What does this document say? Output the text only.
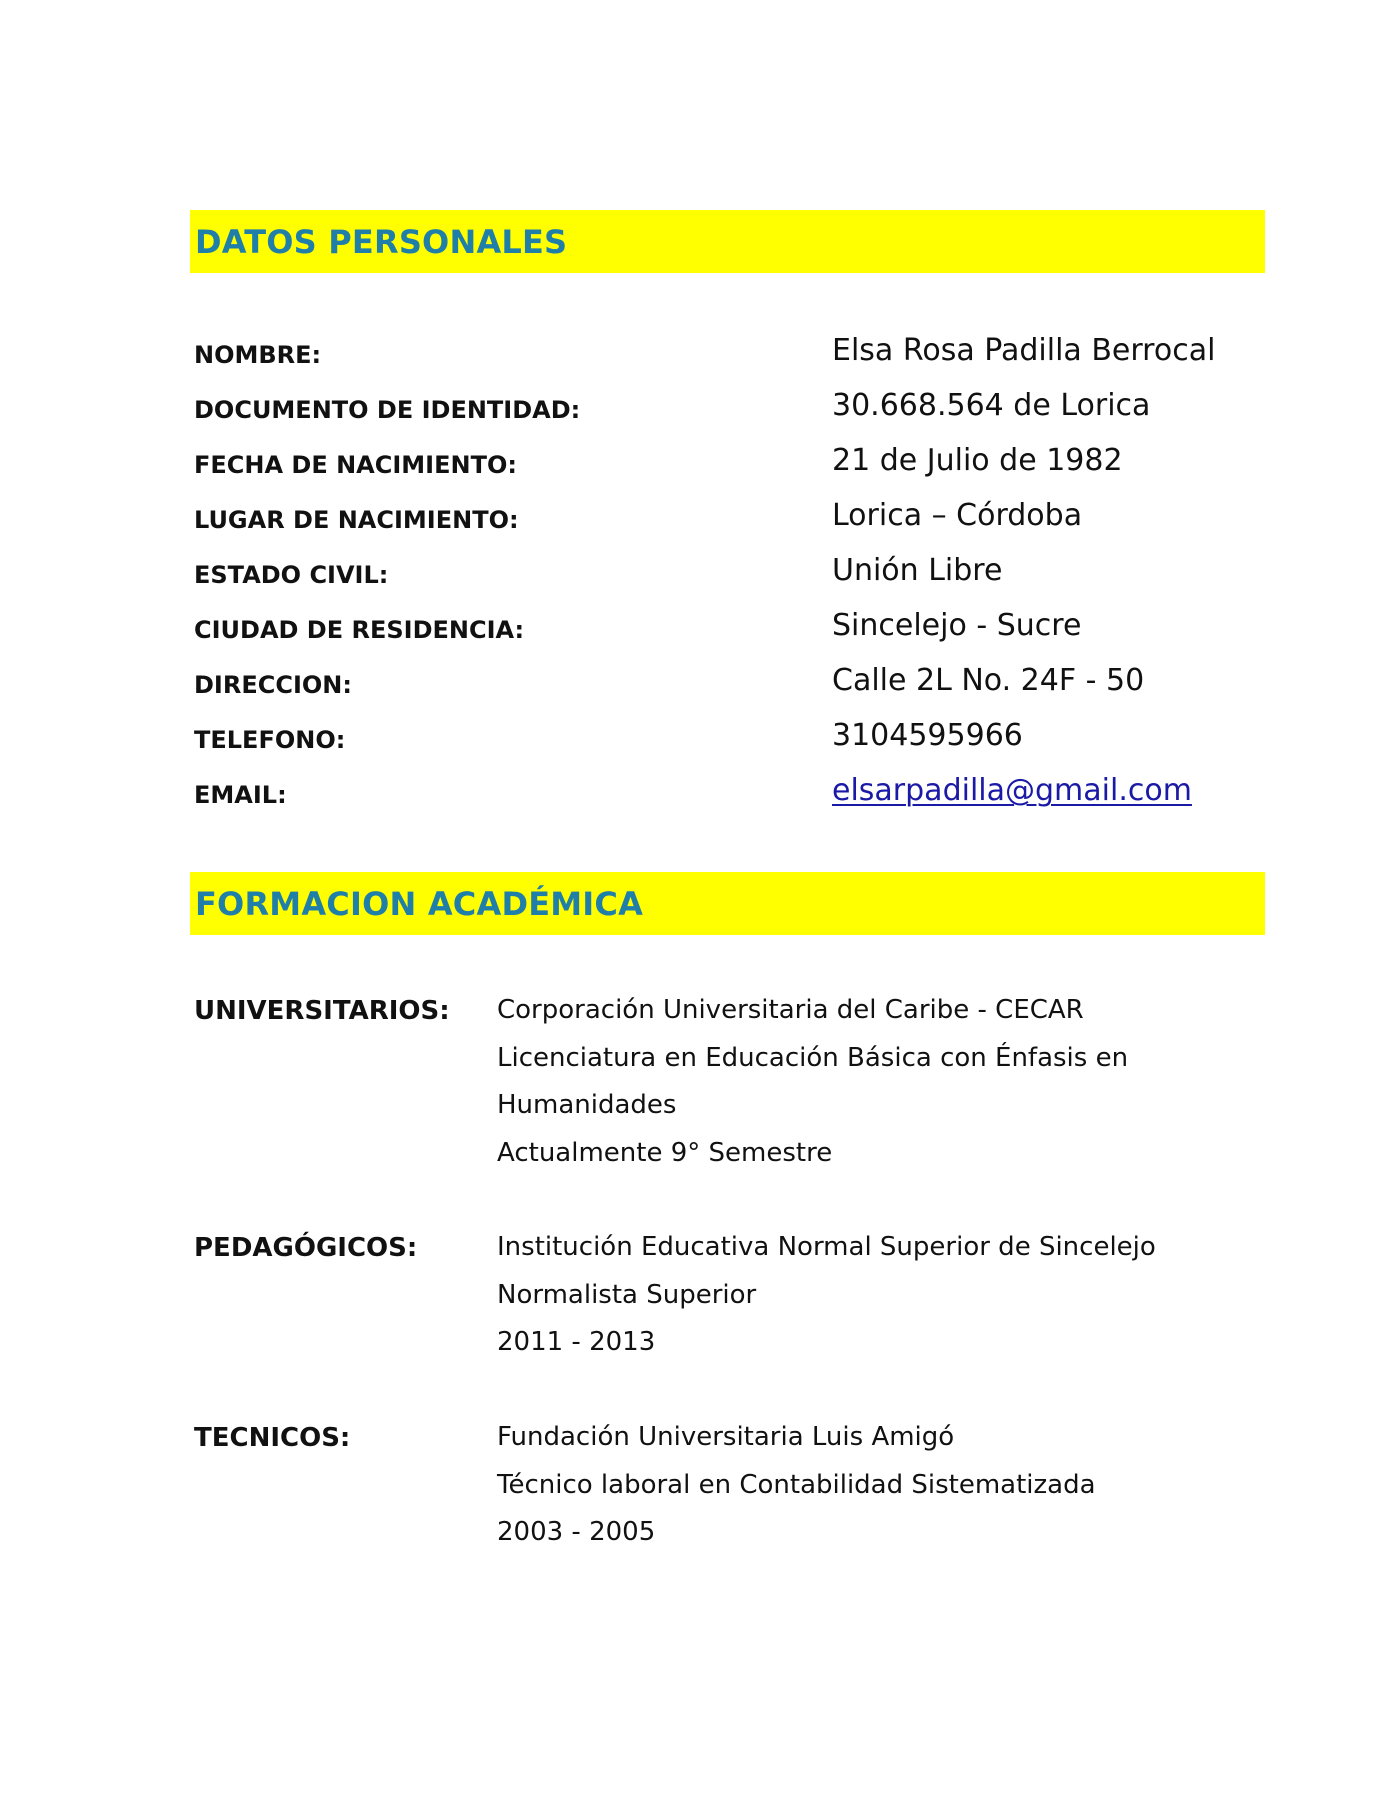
DATOS PERSONALES
NOMBRE:	Elsa Rosa Padilla Berrocal
DOCUMENTO DE IDENTIDAD:	30.668.564 de Lorica
FECHA DE NACIMIENTO:	21 de Julio de 1982
LUGAR DE NACIMIENTO:	Lorica – Córdoba
ESTADO CIVIL:	Unión Libre
CIUDAD DE RESIDENCIA:	Sincelejo - Sucre
DIRECCION:	Calle 2L No. 24F - 50
TELEFONO:	3104595966
EMAIL:	elsarpadilla@gmail.com
FORMACION ACADÉMICA
UNIVERSITARIOS: Corporación Universitaria del Caribe - CECAR
Licenciatura en Educación Básica con Énfasis en
Humanidades
Actualmente 9° Semestre
PEDAGÓGICOS:	Institución Educativa Normal Superior de Sincelejo
Normalista Superior
2011 - 2013
TECNICOS:	Fundación Universitaria Luis Amigó
Técnico laboral en Contabilidad Sistematizada
2003 - 2005
